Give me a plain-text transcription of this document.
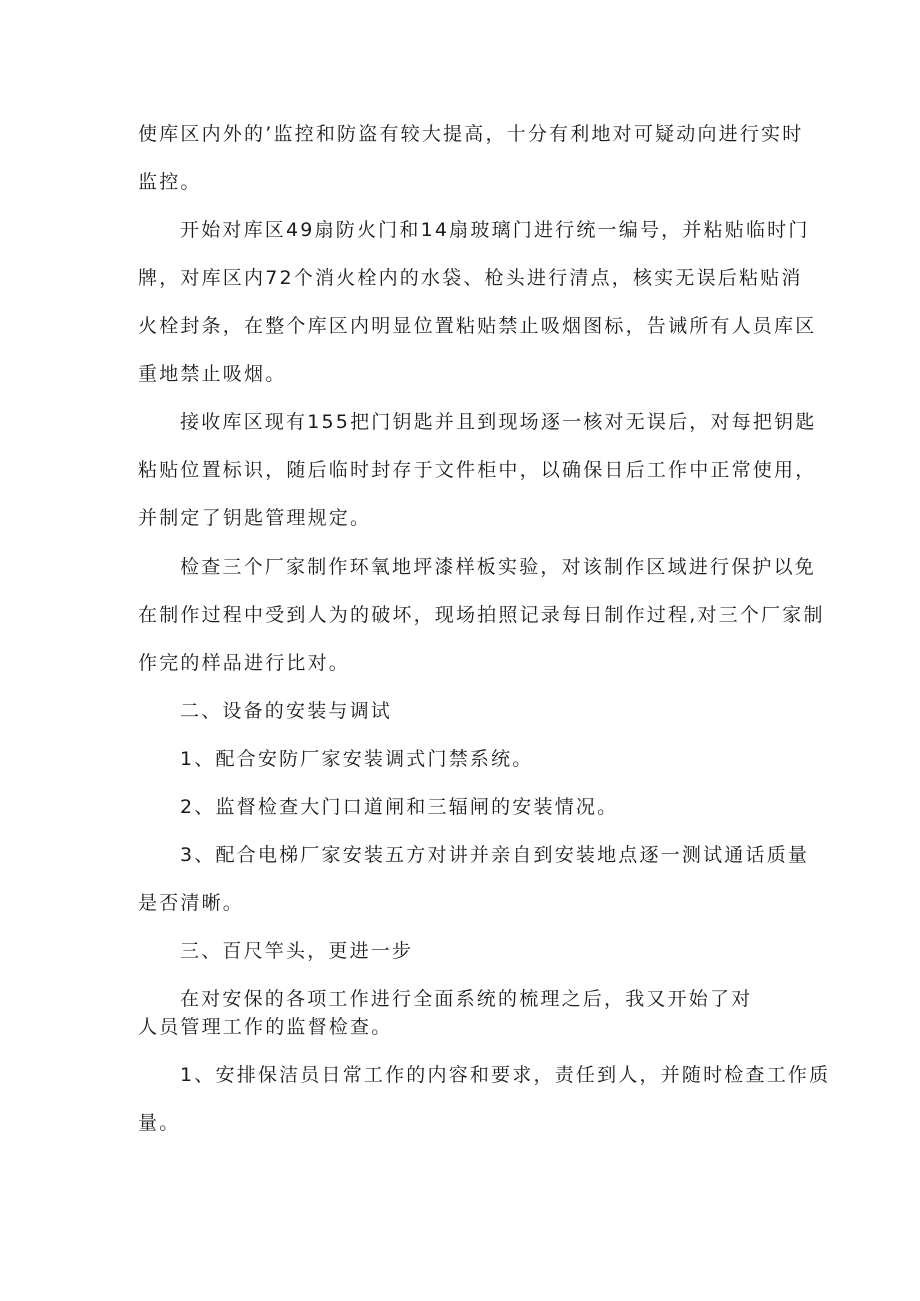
使库区内外的’监控和防盗有较大提高，十分有利地对可疑动向进行实时
监控。
开始对库区49扇防火门和14扇玻璃门进行统一编号，并粘贴临时门
牌，对库区内72个消火栓内的水袋、枪头进行清点，核实无误后粘贴消
火栓封条，在整个库区内明显位置粘贴禁止吸烟图标，告诫所有人员库区
重地禁止吸烟。
接收库区现有155把门钥匙并且到现场逐一核对无误后，对每把钥匙
粘贴位置标识，随后临时封存于文件柜中，以确保日后工作中正常使用，
并制定了钥匙管理规定。
检查三个厂家制作环氧地坪漆样板实验，对该制作区域进行保护以免
在制作过程中受到人为的破坏，现场拍照记录每日制作过程,对三个厂家制
作完的样品进行比对。
二、设备的安装与调试
1、配合安防厂家安装调式门禁系统。
2、监督检查大门口道闸和三辐闸的安装情况。
3、配合电梯厂家安装五方对讲并亲自到安装地点逐一测试通话质量
是否清晰。
三、百尺竿头，更进一步
在对安保的各项工作进行全面系统的梳理之后，我又开始了对
人员管理工作的监督检查。
1、安排保洁员日常工作的内容和要求，责任到人，并随时检查工作质
量。
